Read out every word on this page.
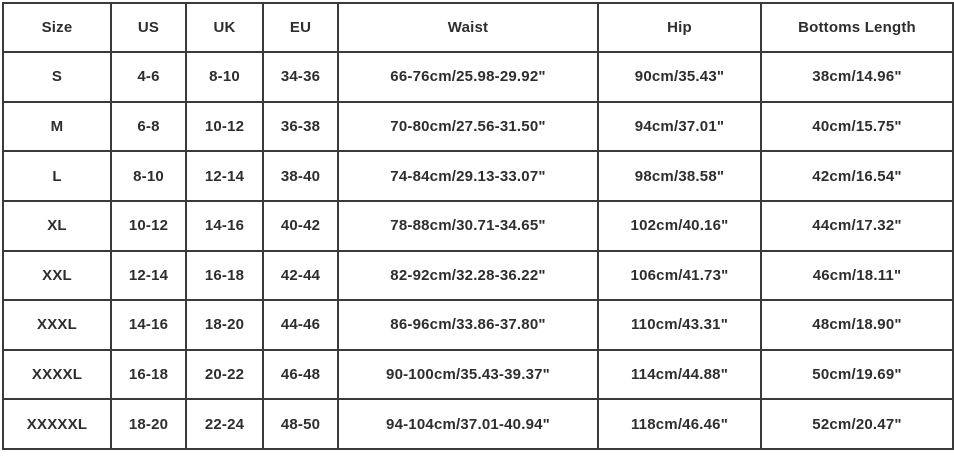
Size	US	UK	EU	Waist	Hip	Bottoms Length
S	4-6	8-10	34-36	66-76cm/25.98-29.92"	90cm/35.43"	38cm/14.96"
M	6-8	10-12	36-38	70-80cm/27.56-31.50"	94cm/37.01"	40cm/15.75"
L	8-10	12-14	38-40	74-84cm/29.13-33.07"	98cm/38.58"	42cm/16.54"
XL	10-12	14-16	40-42	78-88cm/30.71-34.65"	102cm/40.16"	44cm/17.32"
XXL	12-14	16-18	42-44	82-92cm/32.28-36.22"	106cm/41.73"	46cm/18.11"
XXXL	14-16	18-20	44-46	86-96cm/33.86-37.80"	110cm/43.31"	48cm/18.90"
XXXXL	16-18	20-22	46-48	90-100cm/35.43-39.37"	114cm/44.88"	50cm/19.69"
XXXXXL	18-20	22-24	48-50	94-104cm/37.01-40.94"	118cm/46.46"	52cm/20.47"
